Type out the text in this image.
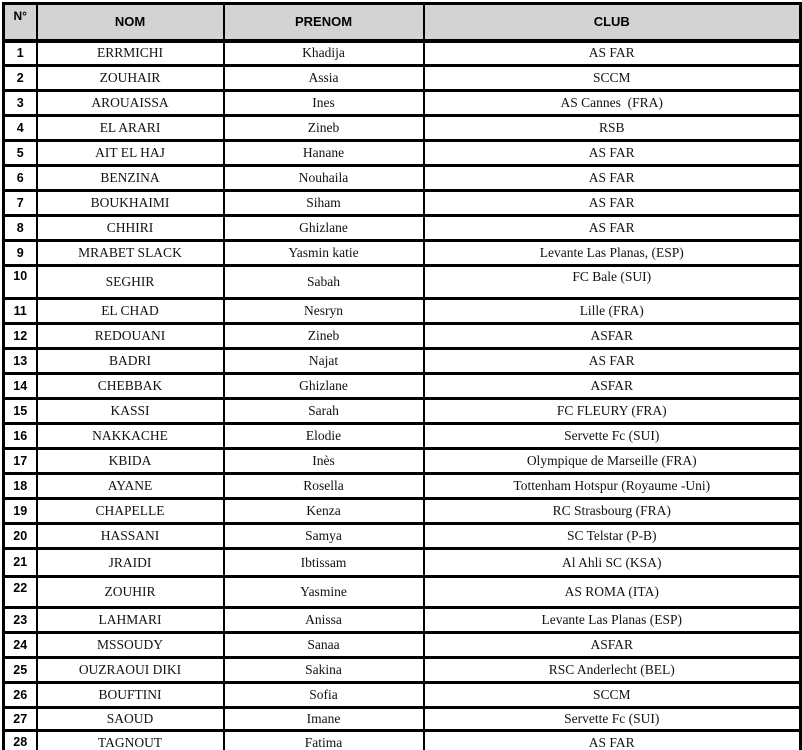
N°	NOM	PRENOM	CLUB
1	ERRMICHI	Khadija	AS FAR
2	ZOUHAIR	Assia	SCCM
3	AROUAISSA	Ines	AS Cannes  (FRA)
4	EL ARARI	Zineb	RSB
5	AIT EL HAJ	Hanane	AS FAR
6	BENZINA	Nouhaila	AS FAR
7	BOUKHAIMI	Siham	AS FAR
8	CHHIRI	Ghizlane	AS FAR
9	MRABET SLACK	Yasmin katie	Levante Las Planas, (ESP)
10	SEGHIR	Sabah	FC Bale (SUI)
11	EL CHAD	Nesryn	Lille (FRA)
12	REDOUANI	Zineb	ASFAR
13	BADRI	Najat	AS FAR
14	CHEBBAK	Ghizlane	ASFAR
15	KASSI	Sarah	FC FLEURY (FRA)
16	NAKKACHE	Elodie	Servette Fc (SUI)
17	KBIDA	Inès	Olympique de Marseille (FRA)
18	AYANE	Rosella	Tottenham Hotspur (Royaume -Uni)
19	CHAPELLE	Kenza	RC Strasbourg (FRA)
20	HASSANI	Samya	SC Telstar (P-B)
21	JRAIDI	Ibtissam	Al Ahli SC (KSA)
22	ZOUHIR	Yasmine	AS ROMA (ITA)
23	LAHMARI	Anissa	Levante Las Planas (ESP)
24	MSSOUDY	Sanaa	ASFAR
25	OUZRAOUI DIKI	Sakina	RSC Anderlecht (BEL)
26	BOUFTINI	Sofia	SCCM
27	SAOUD	Imane	Servette Fc (SUI)
28	TAGNOUT	Fatima	AS FAR
